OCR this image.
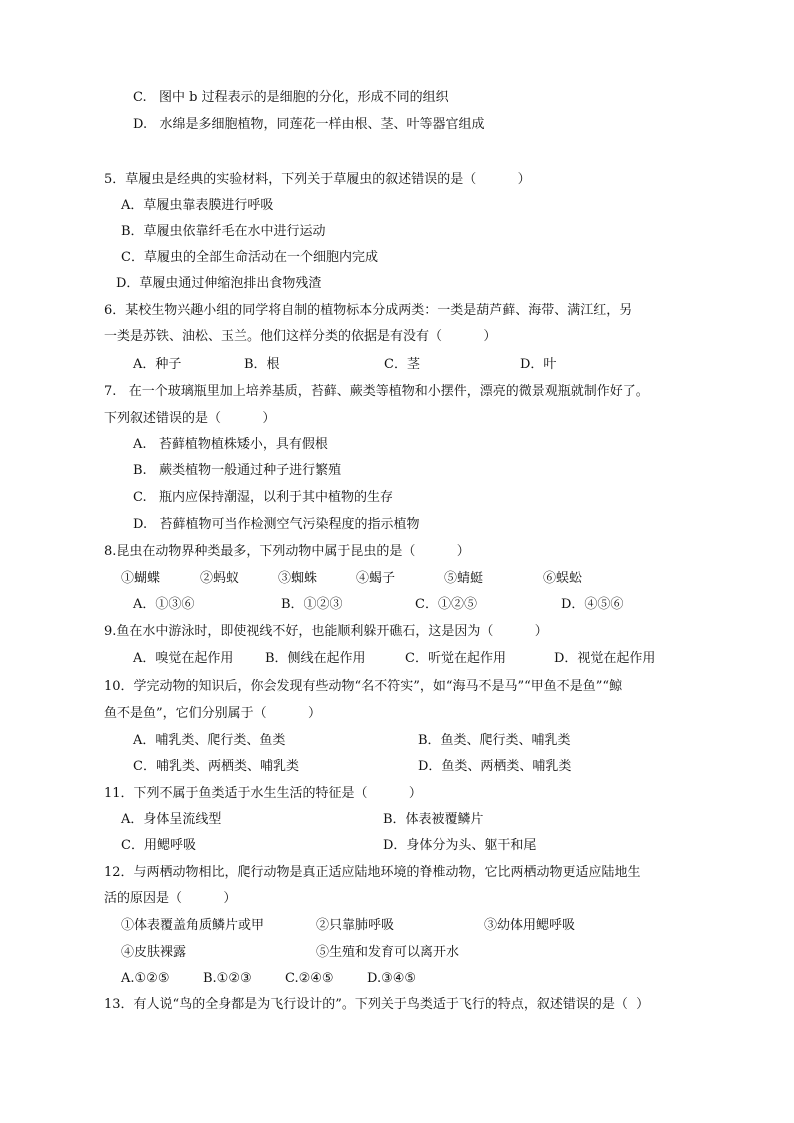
C.   图中 b 过程表示的是细胞的分化，形成不同的组织
D.   水绵是多细胞植物，同莲花一样由根、茎、叶等器官组成
5．草履虫是经典的实验材料，下列关于草履虫的叙述错误的是（          ）
A．草履虫靠表膜进行呼吸
B．草履虫依靠纤毛在水中进行运动
C．草履虫的全部生命活动在一个细胞内完成
D．草履虫通过伸缩泡排出食物残渣
6．某校生物兴趣小组的同学将自制的植物标本分成两类：一类是葫芦藓、海带、满江红，另
一类是苏铁、油松、玉兰。他们这样分类的依据是有没有（          ）
A．种子	B．根	C．茎	D．叶
7.   在一个玻璃瓶里加上培养基质，苔藓、蕨类等植物和小摆件，漂亮的微景观瓶就制作好了。
下列叙述错误的是（          ）
A.   苔藓植物植株矮小，具有假根
B.   蕨类植物一般通过种子进行繁殖
C.   瓶内应保持潮湿，以利于其中植物的生存
D.   苔藓植物可当作检测空气污染程度的指示植物
8.昆虫在动物界种类最多，下列动物中属于昆虫的是（          ）
①蝴蝶	②蚂蚁	③蜘蛛	④蝎子	⑤蜻蜓	⑥蜈蚣
A．①③⑥	B．①②③	C．①②⑤	D．④⑤⑥
9.鱼在水中游泳时，即使视线不好，也能顺利躲开礁石，这是因为（          ）
A．嗅觉在起作用 B．侧线在起作用	C．听觉在起作用	D．视觉在起作用
10．学完动物的知识后，你会发现有些动物“名不符实”，如“海马不是马”“甲鱼不是鱼”“鲸
鱼不是鱼”，它们分别属于（          ）
A．哺乳类、爬行类、鱼类	B．鱼类、爬行类、哺乳类
C．哺乳类、两栖类、哺乳类	D．鱼类、两栖类、哺乳类
11．下列不属于鱼类适于水生生活的特征是（          ）
A．身体呈流线型	B．体表被覆鳞片
C．用鳃呼吸	D．身体分为头、躯干和尾
12．与两栖动物相比，爬行动物是真正适应陆地环境的脊椎动物，它比两栖动物更适应陆地生
活的原因是（          ）
①体表覆盖角质鳞片或甲	②只靠肺呼吸	③幼体用鳃呼吸
④皮肤裸露	⑤生殖和发育可以离开水
A.①②⑤	B.①②③	C.②④⑤	D.③④⑤
13．有人说“鸟的全身都是为飞行设计的”。下列关于鸟类适于飞行的特点，叙述错误的是（  ）
